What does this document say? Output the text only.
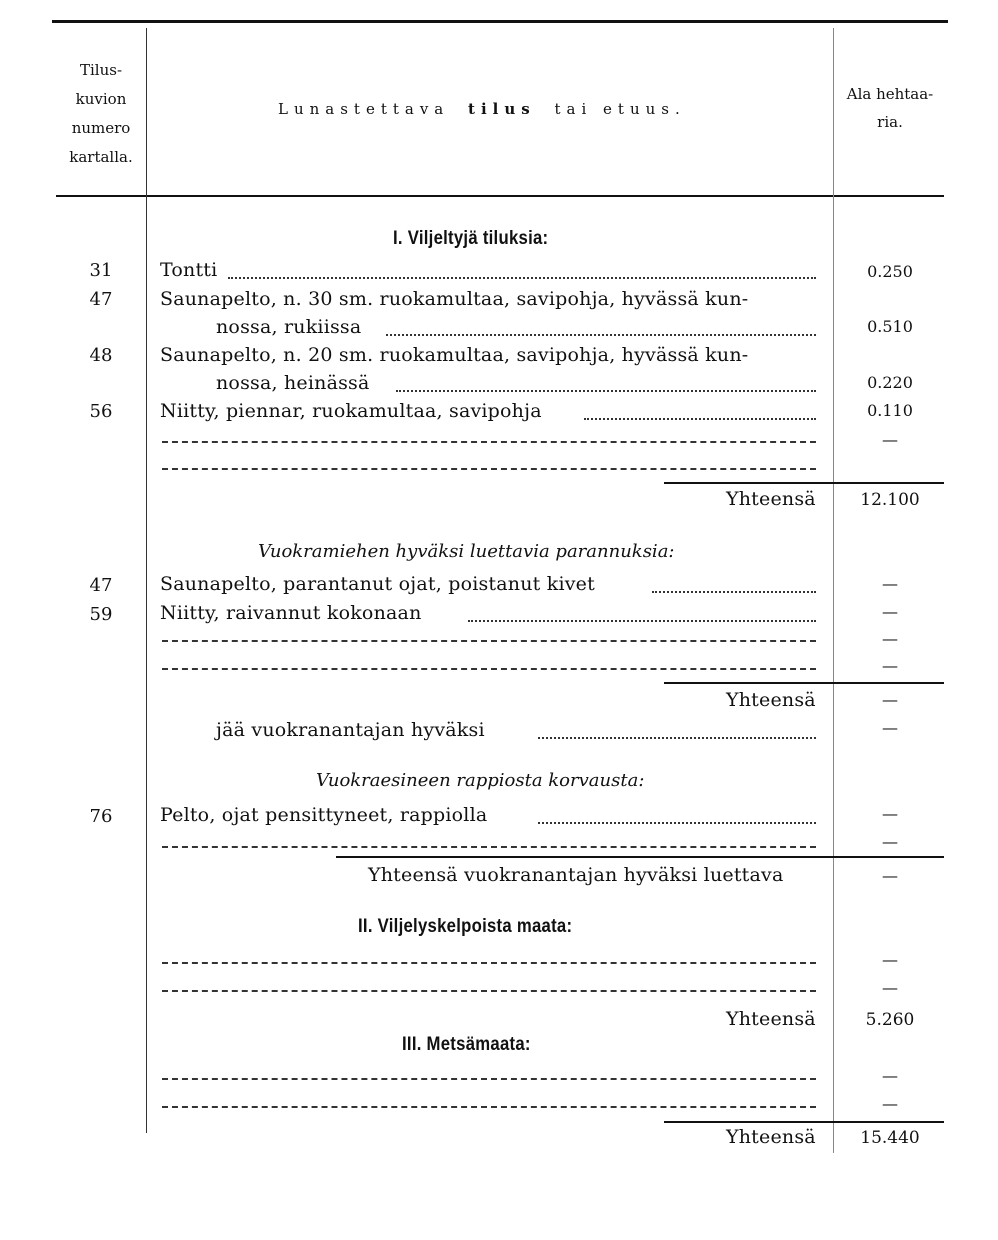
Tilus-
kuvion
numero
kartalla.
Lunastettava tilus tai etuus.
Ala hehtaa-
ria.
I. Viljeltyjä tiluksia:
31	Tontti	0.250
47	Saunapelto, n. 30 sm. ruokamultaa, savipohja, hyvässä kun-
nossa, rukiissa	0.510
48	Saunapelto, n. 20 sm. ruokamultaa, savipohja, hyvässä kun-
nossa, heinässä	0.220
56	Niitty, piennar, ruokamultaa, savipohja	0.110
—
Yhteensä	12.100
Vuokramiehen hyväksi luettavia parannuksia:
47	Saunapelto, parantanut ojat, poistanut kivet	—
59	Niitty, raivannut kokonaan	—
—
—
Yhteensä	—
jää vuokranantajan hyväksi	—
Vuokraesineen rappiosta korvausta:
76	Pelto, ojat pensittyneet, rappiolla	—
—
Yhteensä vuokranantajan hyväksi luettava	—
II. Viljelyskelpoista maata:
—
—
Yhteensä	5.260
III. Metsämaata:
—
—
Yhteensä	15.440
